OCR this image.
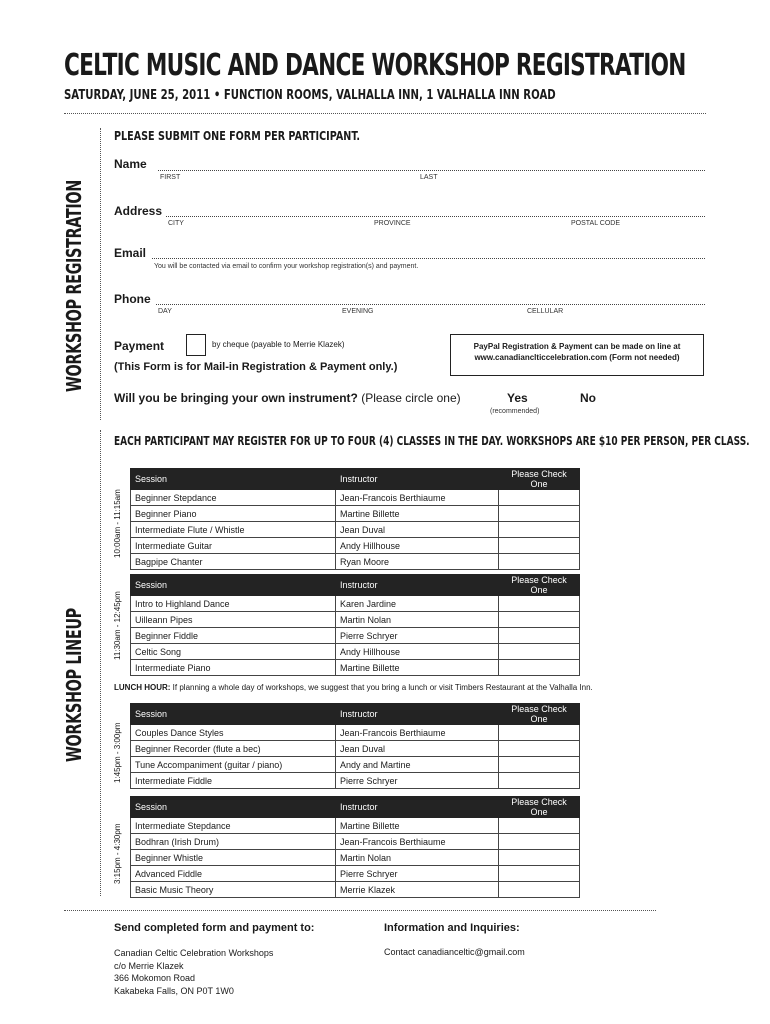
CELTIC MUSIC AND DANCE WORKSHOP REGISTRATION
SATURDAY, JUNE 25, 2011 • FUNCTION ROOMS, VALHALLA INN, 1 VALHALLA INN ROAD
WORKSHOP REGISTRATION
PLEASE SUBMIT ONE FORM PER PARTICIPANT.
Name
FIRST	LAST
Address
CITY	PROVINCE	POSTAL CODE
Email
You will be contacted via email to confirm your workshop registration(s) and payment.
Phone
DAY	EVENING	CELLULAR
Payment	by cheque (payable to Merrie Klazek)
(This Form is for Mail-in Registration & Payment only.)
PayPal Registration & Payment can be made on line at
www.canadianclticcelebration.com (Form not needed)
Will you be bringing your own instrument? (Please circle one)	Yes	No
(recommended)
WORKSHOP LINEUP
EACH PARTICIPANT MAY REGISTER FOR UP TO FOUR (4) CLASSES IN THE DAY. WORKSHOPS ARE $10 PER PERSON, PER CLASS.
10:00am - 11:15am
Session	Instructor	Please Check One
Beginner Stepdance	Jean-Francois Berthiaume	
Beginner Piano	Martine Billette	
Intermediate Flute / Whistle	Jean Duval	
Intermediate Guitar	Andy Hillhouse	
Bagpipe Chanter	Ryan Moore	
11:30am - 12:45pm
Session	Instructor	Please Check One
Intro to Highland Dance	Karen Jardine	
Uilleann Pipes	Martin Nolan	
Beginner Fiddle	Pierre Schryer	
Celtic Song	Andy Hillhouse	
Intermediate Piano	Martine Billette	
LUNCH HOUR: If planning a whole day of workshops, we suggest that you bring a lunch or visit Timbers Restaurant at the Valhalla Inn.
1:45pm - 3:00pm
Session	Instructor	Please Check One
Couples Dance Styles	Jean-Francois Berthiaume	
Beginner Recorder (flute a bec)	Jean Duval	
Tune Accompaniment (guitar / piano)	Andy and Martine	
Intermediate Fiddle	Pierre Schryer	
3:15pm - 4:30pm
Session	Instructor	Please Check One
Intermediate Stepdance	Martine Billette	
Bodhran (Irish Drum)	Jean-Francois Berthiaume	
Beginner Whistle	Martin Nolan	
Advanced Fiddle	Pierre Schryer	
Basic Music Theory	Merrie Klazek	
Send completed form and payment to:
Canadian Celtic Celebration Workshops
c/o Merrie Klazek
366 Mokomon Road
Kakabeka Falls, ON P0T 1W0
Information and Inquiries:
Contact canadianceltic@gmail.com
